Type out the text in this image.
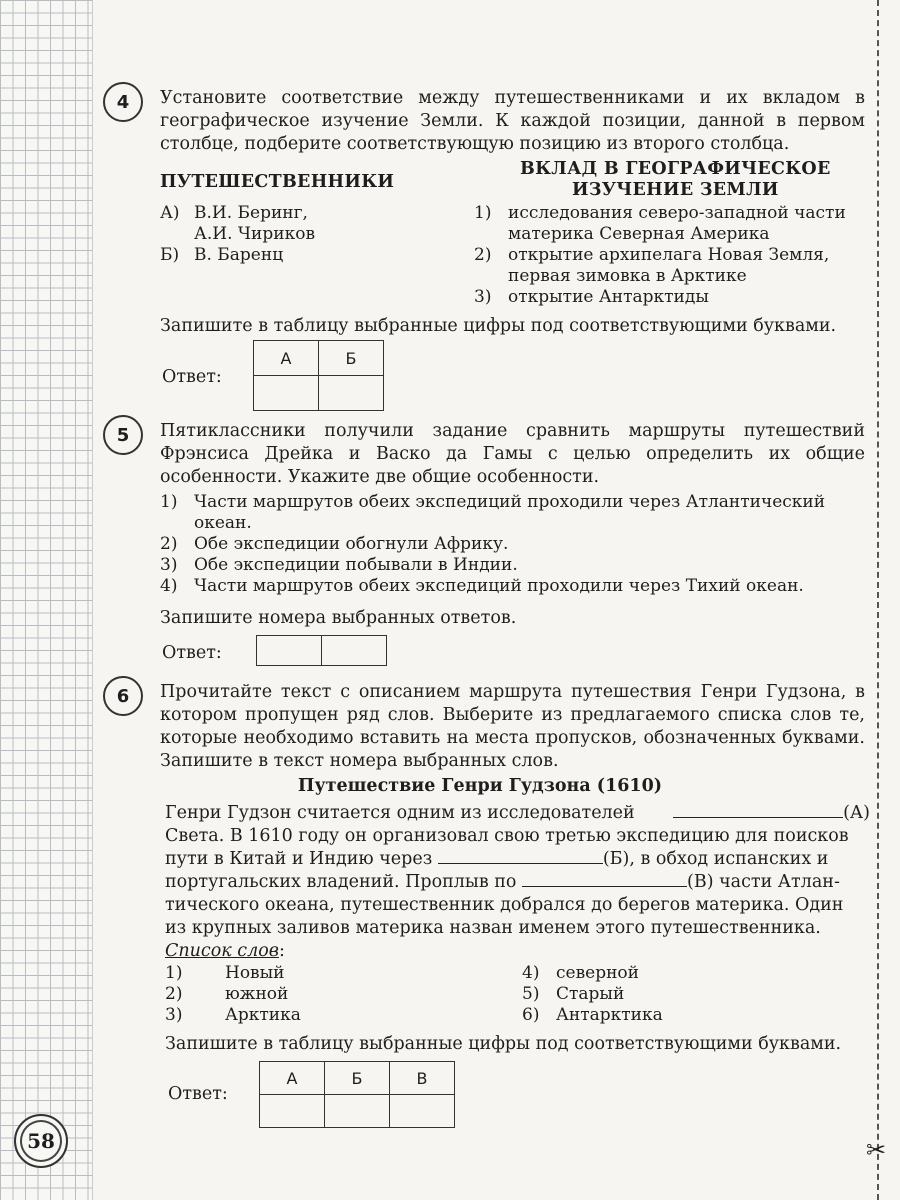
✂
58
4	Установите соответствие между путешественниками и их вкладом в географическое изучение Земли. К каждой позиции, данной в первом столбце, подберите соответствующую позицию из второго столбца.

ПУТЕШЕСТВЕННИКИ

ВКЛАД В ГЕОГРАФИЧЕСКОЕ

ИЗУЧЕНИЕ ЗЕМЛИ

А) В.И. Беринг,
А.И. Чириков
Б) В. Баренц
1) исследования северо-западной части
материка Северная Америка
2) открытие архипелага Новая Земля,
первая зимовка в Арктике
3) открытие Антарктиды

Запишите в таблицу выбранные цифры под соответствующими буквами.

Ответ:

А	Б

5	Пятиклассники получили задание сравнить маршруты путешествий Фрэнсиса Дрейка и Васко да Гамы с целью определить их общие особенности. Укажите две общие особенности.

1) Части маршрутов обеих экспедиций проходили через Атлантический
океан.
2) Обе экспедиции обогнули Африку.
3) Обе экспедиции побывали в Индии.
4) Части маршрутов обеих экспедиций проходили через Тихий океан.

Запишите номера выбранных ответов.

Ответ:

6	Прочитайте текст с описанием маршрута путешествия Генри Гудзона, в котором пропущен ряд слов. Выберите из предлагаемого списка слов те, которые необходимо вставить на места пропусков, обозначенных буквами. Запишите в текст номера выбранных слов.

Путешествие Генри Гудзона (1610)

Генри Гудзон считается одним из исследователей	(А)
Света. В 1610 году он организовал свою третью экспедицию для поисков
пути в Китай и Индию через	(Б), в обход испанских и
португальских владений. Проплыв по	(В) части Атлан-
тического океана, путешественник добрался до берегов материка. Один
из крупных заливов материка назван именем этого путешественника.

Список слов:

1)	Новый
2)	южной
3)	Арктика
4) северной
5) Старый
6) Антарктика

Запишите в таблицу выбранные цифры под соответствующими буквами.

Ответ:

А	Б	В
